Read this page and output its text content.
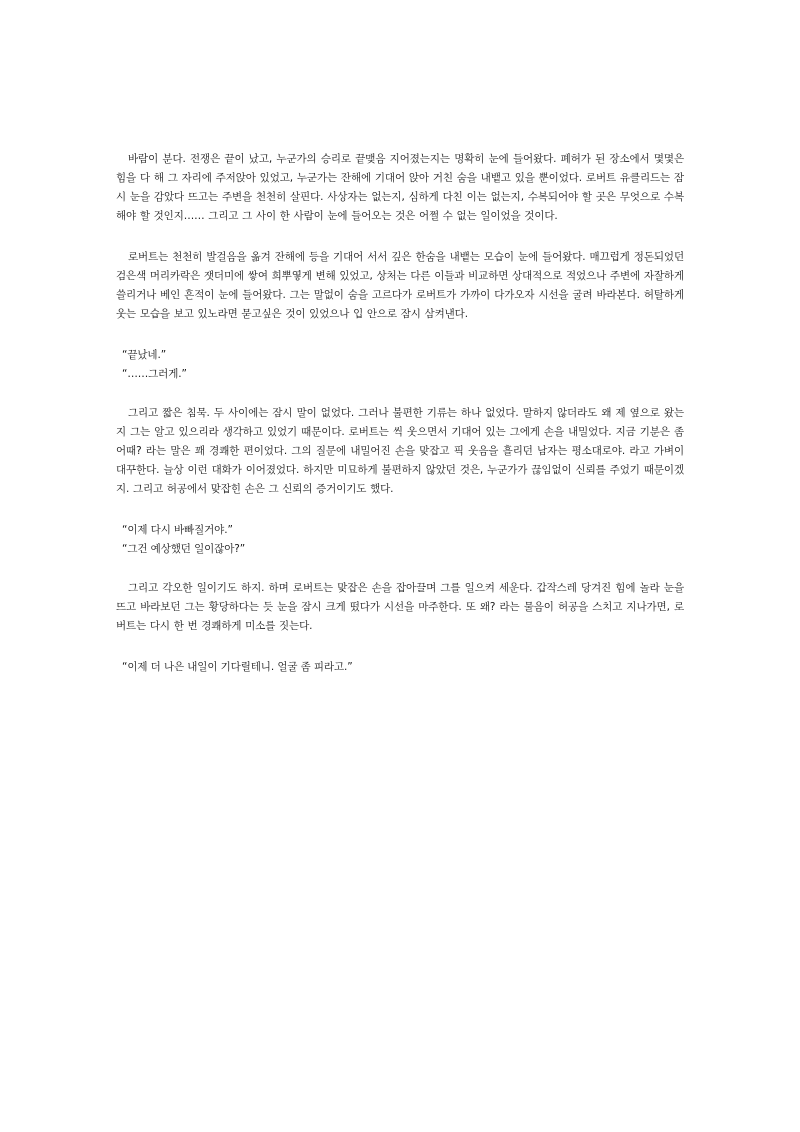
바람이 분다. 전쟁은 끝이 났고, 누군가의 승리로 끝맺음 지어졌는지는 명확히 눈에 들어왔다. 폐허가 된 장소에서 몇몇은 힘을 다 해 그 자리에 주저앉아 있었고, 누군가는 잔해에 기대어 앉아 거친 숨을 내뱉고 있을 뿐이었다. 로버트 유클리드는 잠시 눈을 감았다 뜨고는 주변을 천천히 살핀다. 사상자는 없는지, 심하게 다친 이는 없는지, 수복되어야 할 곳은 무엇으로 수복해야 할 것인지…… 그리고 그 사이 한 사람이 눈에 들어오는 것은 어쩔 수 없는 일이었을 것이다.

로버트는 천천히 발걸음을 옮겨 잔해에 등을 기대어 서서 깊은 한숨을 내뱉는 모습이 눈에 들어왔다. 매끄럽게 정돈되었던 검은색 머리카락은 잿더미에 쌓여 희뿌옇게 변해 있었고, 상처는 다른 이들과 비교하면 상대적으로 적었으나 주변에 자잘하게 쓸리거나 베인 흔적이 눈에 들어왔다. 그는 말없이 숨을 고르다가 로버트가 가까이 다가오자 시선을 굴려 바라본다. 허탈하게 웃는 모습을 보고 있노라면 묻고싶은 것이 있었으나 입 안으로 잠시 삼켜낸다.

“끝났네.”
“……그러게.”

그리고 짧은 침묵. 두 사이에는 잠시 말이 없었다. 그러나 불편한 기류는 하나 없었다. 말하지 않더라도 왜 제 옆으로 왔는지 그는 알고 있으리라 생각하고 있었기 때문이다. 로버트는 씩 웃으면서 기대어 있는 그에게 손을 내밀었다. 지금 기분은 좀 어때? 라는 말은 꽤 경쾌한 편이었다. 그의 질문에 내밀어진 손을 맞잡고 픽 웃음을 흘리던 남자는 평소대로야. 라고 가벼이 대꾸한다. 늘상 이런 대화가 이어졌었다. 하지만 미묘하게 불편하지 않았던 것은, 누군가가 끊임없이 신뢰를 주었기 때문이겠지. 그리고 허공에서 맞잡힌 손은 그 신뢰의 증거이기도 했다.

“이제 다시 바빠질거야.”
“그건 예상했던 일이잖아?”

그리고 각오한 일이기도 하지. 하며 로버트는 맞잡은 손을 잡아끌며 그를 일으켜 세운다. 갑작스레 당겨진 힘에 놀라 눈을 뜨고 바라보던 그는 황당하다는 듯 눈을 잠시 크게 떴다가 시선을 마주한다. 또 왜? 라는 물음이 허공을 스치고 지나가면, 로버트는 다시 한 번 경쾌하게 미소를 짓는다.

“이제 더 나은 내일이 기다릴테니. 얼굴 좀 피라고.”
